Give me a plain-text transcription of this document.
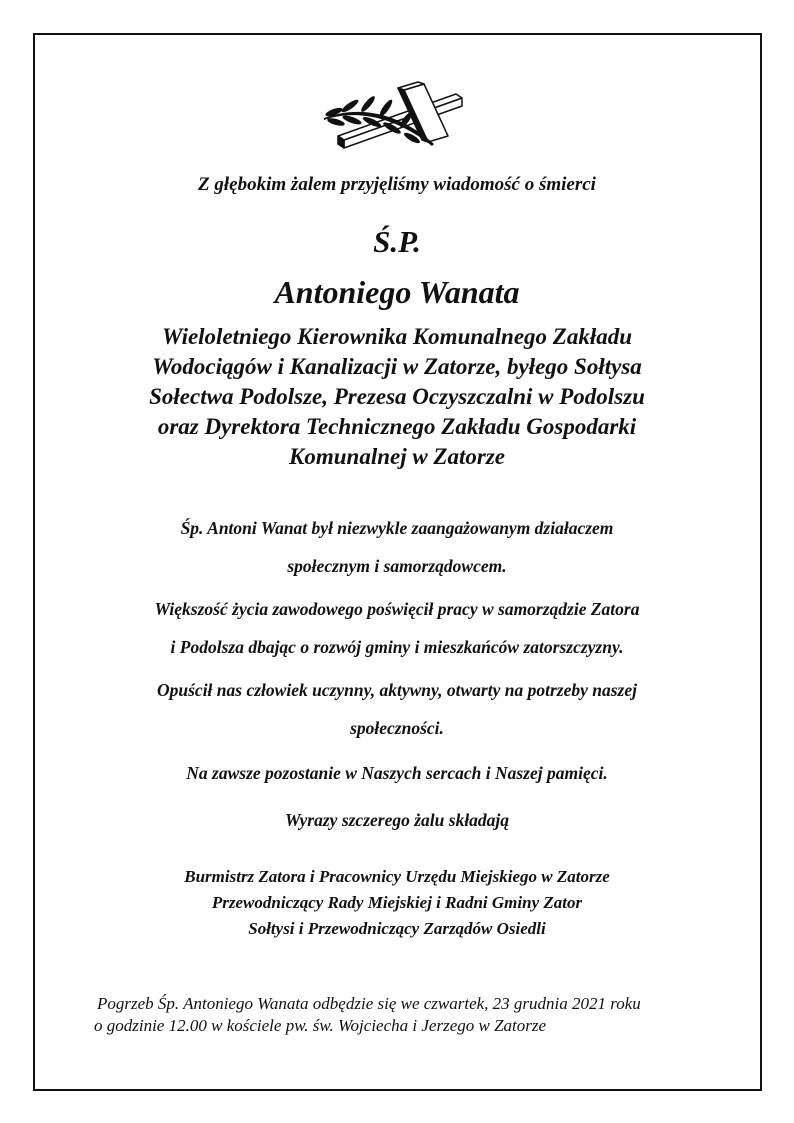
Z głębokim żalem przyjęliśmy wiadomość o śmierci
Ś.P.
Antoniego Wanata
Wieloletniego Kierownika Komunalnego Zakładu
Wodociągów i Kanalizacji w Zatorze, byłego Sołtysa
Sołectwa Podolsze, Prezesa Oczyszczalni w Podolszu
oraz Dyrektora Technicznego Zakładu Gospodarki
Komunalnej w Zatorze
Śp. Antoni Wanat był niezwykle zaangażowanym działaczem
społecznym i samorządowcem.
Większość życia zawodowego poświęcił pracy w samorządzie Zatora
i Podolsza dbając o rozwój gminy i mieszkańców zatorszczyzny.
Opuścił nas człowiek uczynny, aktywny, otwarty na potrzeby naszej
społeczności.
Na zawsze pozostanie w Naszych sercach i Naszej pamięci.
Wyrazy szczerego żalu składają
Burmistrz Zatora i Pracownicy Urzędu Miejskiego w Zatorze
Przewodniczący Rady Miejskiej i Radni Gminy Zator
Sołtysi i Przewodniczący Zarządów Osiedli
Pogrzeb Śp. Antoniego Wanata odbędzie się we czwartek, 23 grudnia 2021 roku
o godzinie 12.00 w kościele pw. św. Wojciecha i Jerzego w Zatorze
